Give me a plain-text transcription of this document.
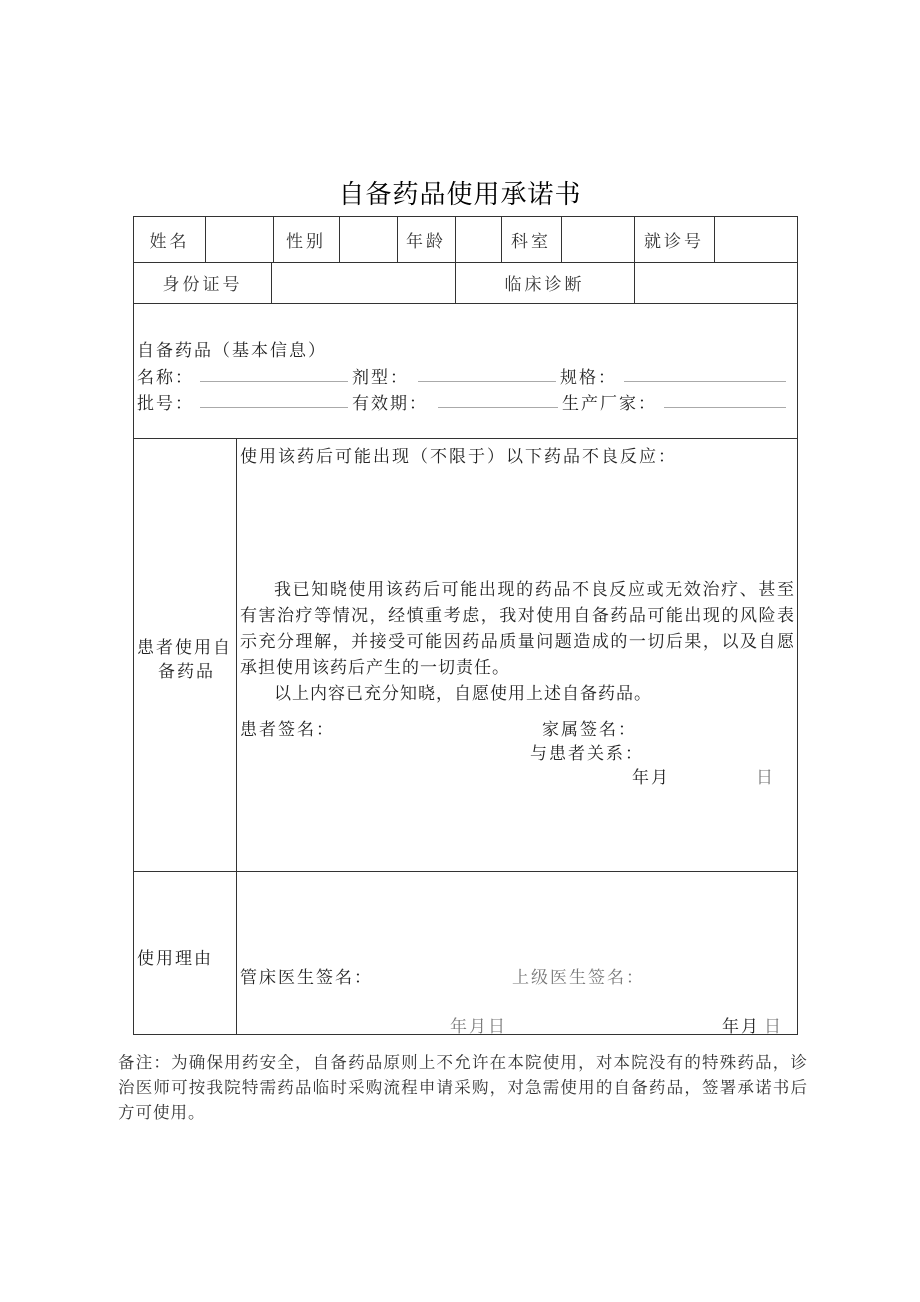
自备药品使用承诺书
姓名	性别	年龄	科室	就诊号
身份证号	临床诊断
自备药品（基本信息）
名称：	剂型：	规格：
批号：	有效期：	生产厂家：
患者使用自
备药品
使用该药后可能出现（不限于）以下药品不良反应：

我已知晓使用该药后可能出现的药品不良反应或无效治疗、甚至有害治疗等情况，经慎重考虑，我对使用自备药品可能出现的风险表示充分理解，并接受可能因药品质量问题造成的一切后果，以及自愿承担使用该药后产生的一切责任。

以上内容已充分知晓，自愿使用上述自备药品。

患者签名：	家属签名：
与患者关系：
年月	日
使用理由
管床医生签名：	上级医生签名：
年月日	年月 日
备注：为确保用药安全，自备药品原则上不允许在本院使用，对本院没有的特殊药品，诊治医师可按我院特需药品临时采购流程申请采购，对急需使用的自备药品，签署承诺书后方可使用。
